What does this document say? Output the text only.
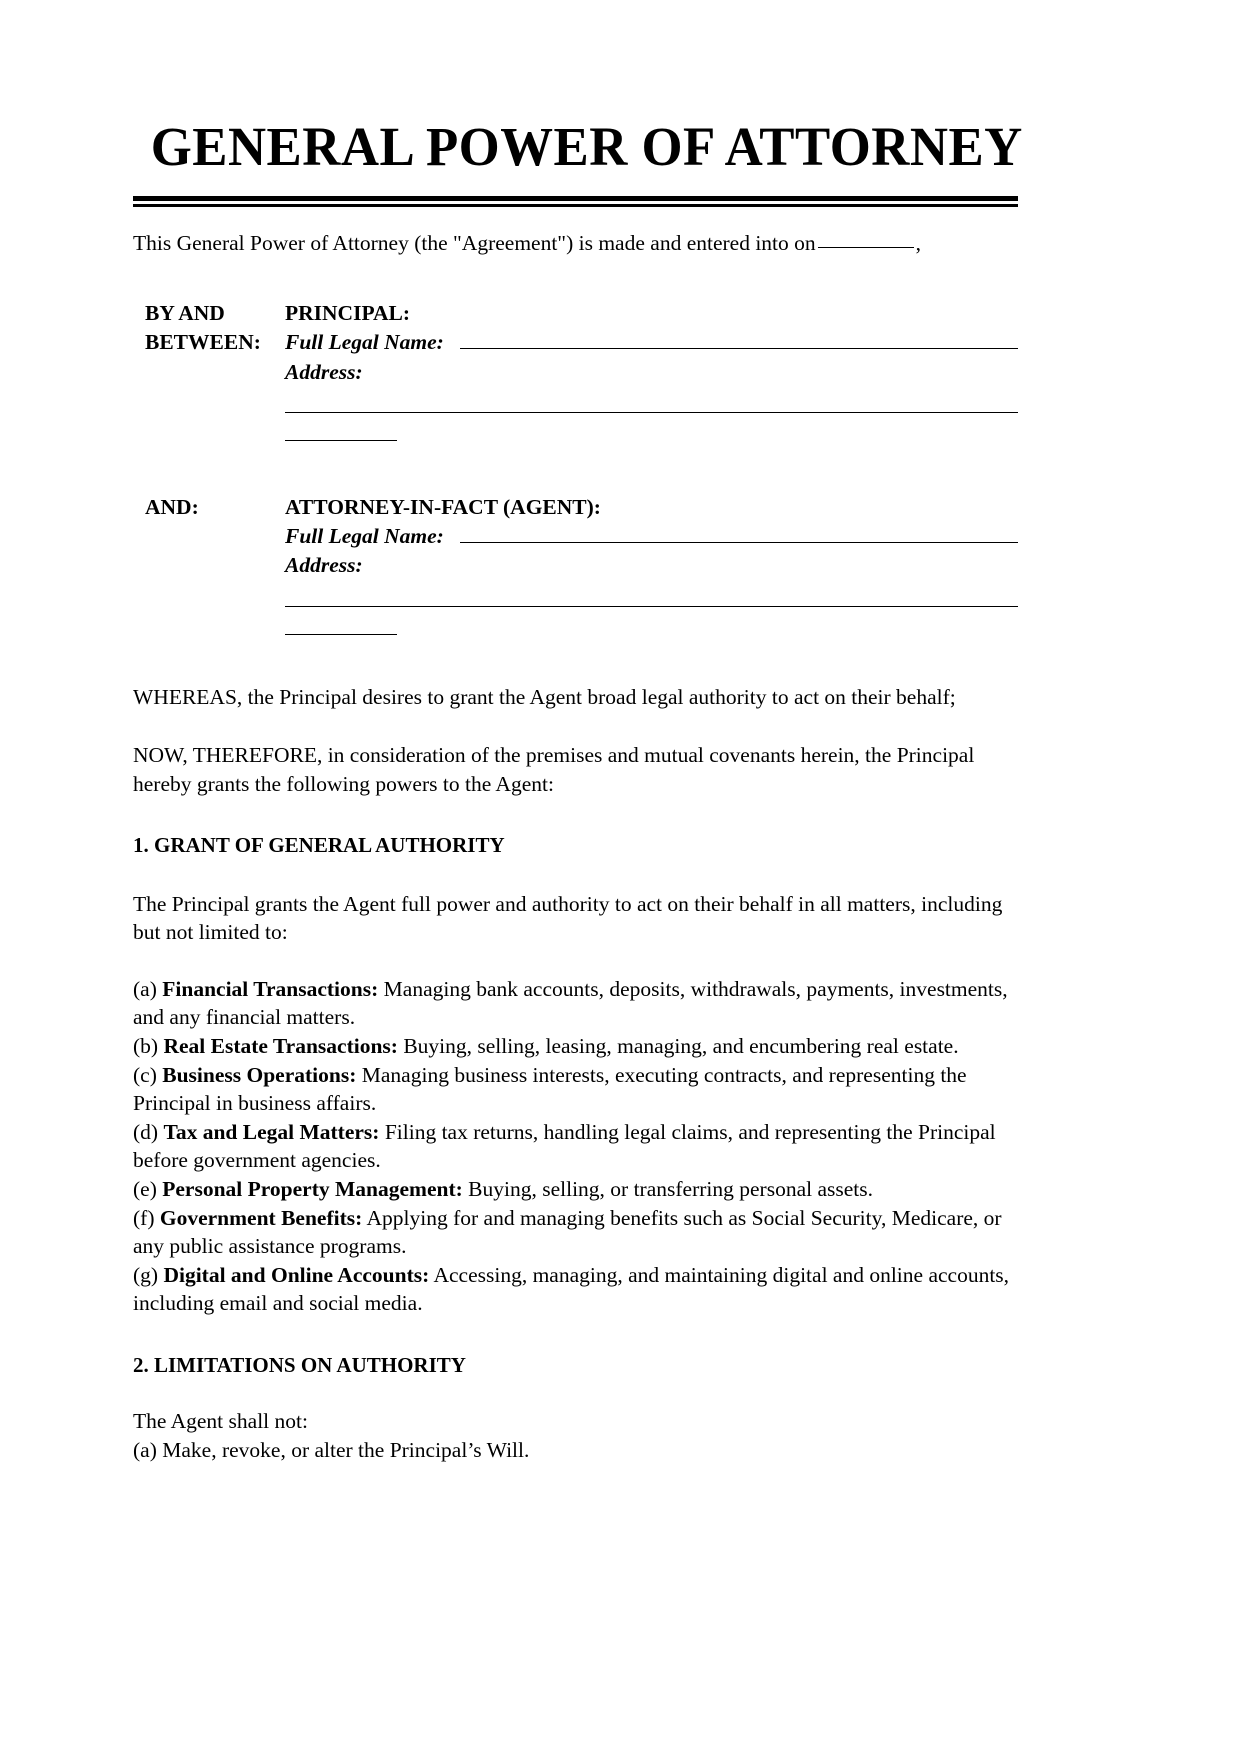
GENERAL POWER OF ATTORNEY

This General Power of Attorney (the "Agreement") is made and entered into on	,

BY AND
BETWEEN:
PRINCIPAL:
Full Legal Name:
Address:
AND:	ATTORNEY-IN-FACT (AGENT):
Full Legal Name:
Address:

WHEREAS, the Principal desires to grant the Agent broad legal authority to act on their behalf;

NOW, THEREFORE, in consideration of the premises and mutual covenants herein, the Principal hereby grants the following powers to the Agent:

1. GRANT OF GENERAL AUTHORITY

The Principal grants the Agent full power and authority to act on their behalf in all matters, including but not limited to:

(a) Financial Transactions: Managing bank accounts, deposits, withdrawals, payments, investments, and any financial matters.

(b) Real Estate Transactions: Buying, selling, leasing, managing, and encumbering real estate.

(c) Business Operations: Managing business interests, executing contracts, and representing the Principal in business affairs.

(d) Tax and Legal Matters: Filing tax returns, handling legal claims, and representing the Principal before government agencies.

(e) Personal Property Management: Buying, selling, or transferring personal assets.

(f) Government Benefits: Applying for and managing benefits such as Social Security, Medicare, or any public assistance programs.

(g) Digital and Online Accounts: Accessing, managing, and maintaining digital and online accounts, including email and social media.

2. LIMITATIONS ON AUTHORITY

The Agent shall not:

(a) Make, revoke, or alter the Principal’s Will.
